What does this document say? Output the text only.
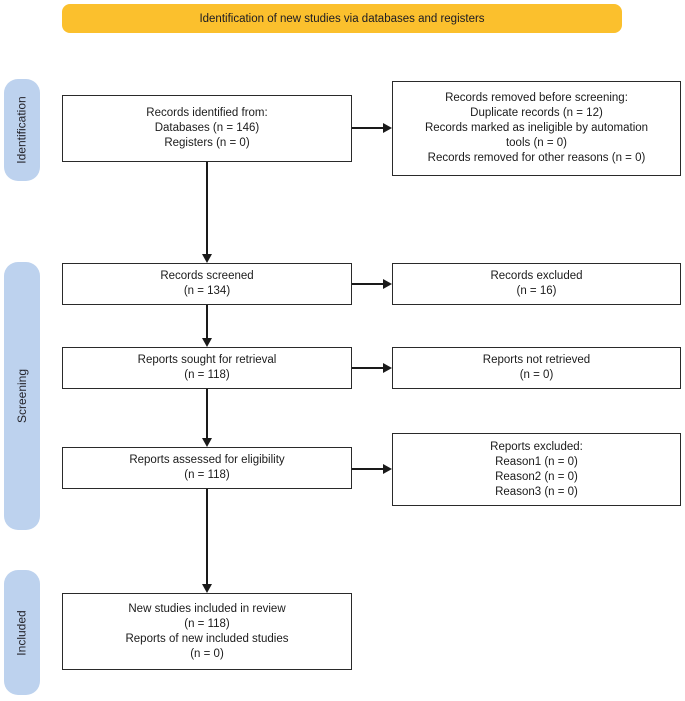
Identification of new studies via databases and registers
Identification
Screening
Included
Records identified from:
Databases (n = 146)
Registers (n = 0)
Records screened
(n = 134)
Reports sought for retrieval
(n = 118)
Reports assessed for eligibility
(n = 118)
New studies included in review
(n = 118)
Reports of new included studies
(n = 0)
Records removed before screening:
Duplicate records (n = 12)
Records marked as ineligible by automation
tools (n = 0)
Records removed for other reasons (n = 0)
Records excluded
(n = 16)
Reports not retrieved
(n = 0)
Reports excluded:
Reason1 (n = 0)
Reason2 (n = 0)
Reason3 (n = 0)
